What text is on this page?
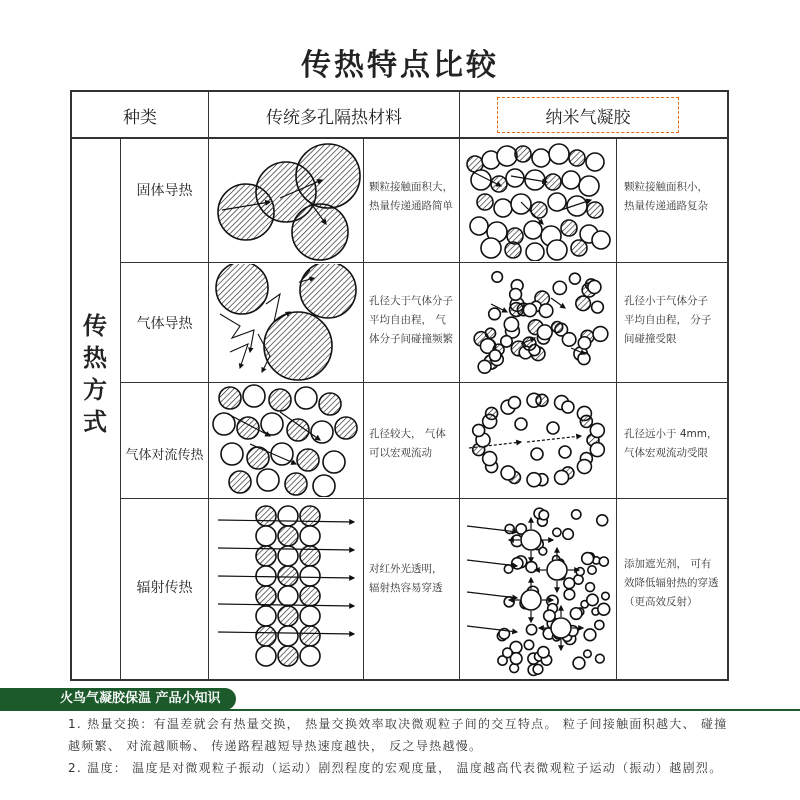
传热特点比较
种类	传统多孔隔热材料	纳米气凝胶
传
热
方
式
固体导热
气体导热
气体对流传热
辐射传热
颗粒接触面积大，
热量传递通路简单
颗粒接触面积小，
热量传递通路复杂
孔径大于气体分子
平均自由程， 气
体分子间碰撞频繁
孔径小于气体分子
平均自由程， 分子
间碰撞受限
孔径较大， 气体
可以宏观流动
孔径远小于 4mm，
气体宏观流动受限
对红外光透明，
辐射热容易穿透
添加遮光剂， 可有
效降低辐射热的穿透
（更高效反射）
火鸟气凝胶保温 产品小知识
1. 热量交换：有温差就会有热量交换， 热量交换效率取决微观粒子间的交互特点。 粒子间接触面积越大、 碰撞
越频繁、 对流越顺畅、 传递路程越短导热速度越快， 反之导热越慢。
2. 温度： 温度是对微观粒子振动（运动）剧烈程度的宏观度量， 温度越高代表微观粒子运动（振动）越剧烈。
